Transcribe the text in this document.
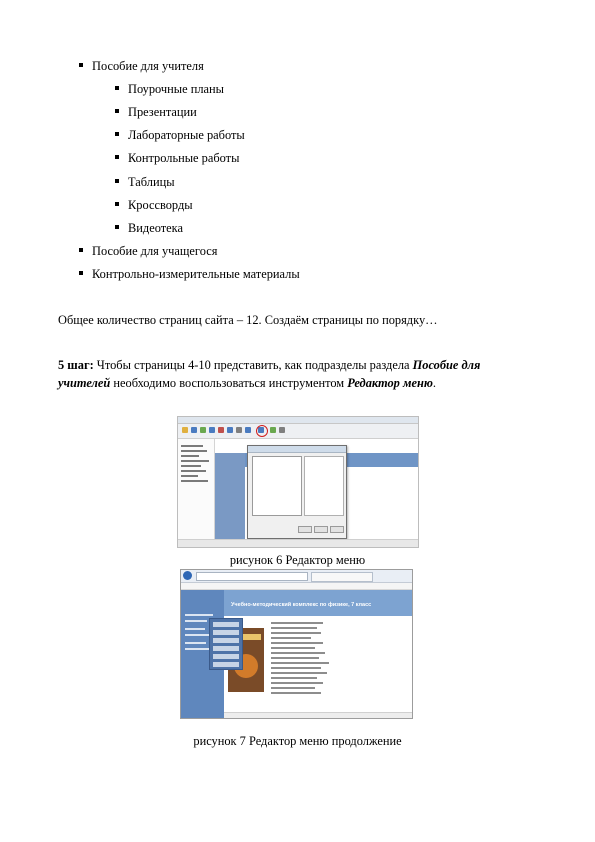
Пособие для учителя
Поурочные планы
Презентации
Лабораторные работы
Контрольные работы
Таблицы
Кроссворды
Видеотека
Пособие для учащегося
Контрольно-измерительные материалы
Общее количество страниц сайта – 12. Создаём страницы по порядку…
5 шаг: Чтобы страницы 4-10 представить, как подразделы раздела Пособие для
учителей необходимо воспользоваться инструментом Редактор меню.
рисунок 6 Редактор меню
Учебно-методический комплекс по физике, 7 класс
рисунок 7 Редактор меню продолжение
